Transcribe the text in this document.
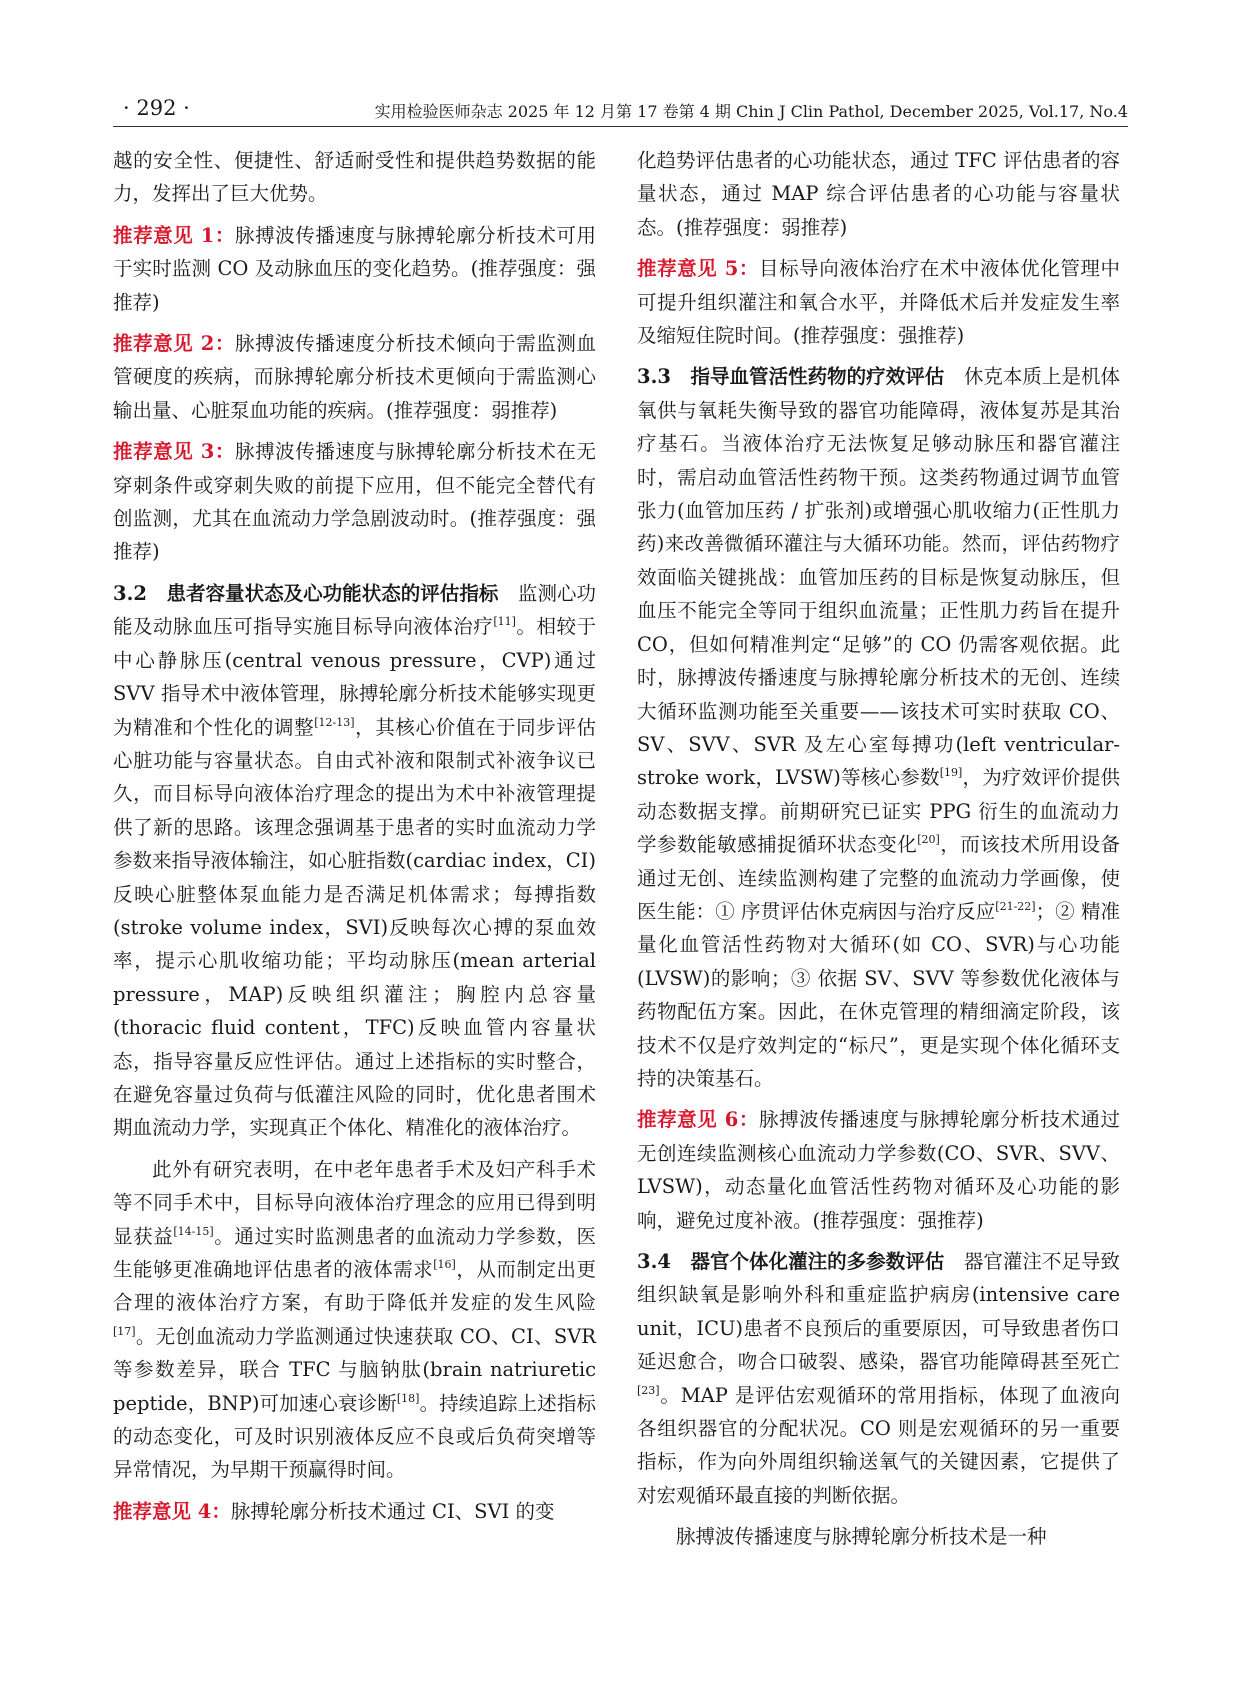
· 292 ·	实用检验医师杂志 2025 年 12 月第 17 卷第 4 期 Chin J Clin Pathol, December 2025, Vol.17, No.4

越的安全性、便捷性、舒适耐受性和提供趋势数据的能力，发挥出了巨大优势。

推荐意见 1：脉搏波传播速度与脉搏轮廓分析技术可用于实时监测 CO 及动脉血压的变化趋势。(推荐强度：强推荐)

推荐意见 2：脉搏波传播速度分析技术倾向于需监测血管硬度的疾病，而脉搏轮廓分析技术更倾向于需监测心输出量、心脏泵血功能的疾病。(推荐强度：弱推荐)

推荐意见 3：脉搏波传播速度与脉搏轮廓分析技术在无穿刺条件或穿刺失败的前提下应用，但不能完全替代有创监测，尤其在血流动力学急剧波动时。(推荐强度：强推荐)

3.2　患者容量状态及心功能状态的评估指标　监测心功能及动脉血压可指导实施目标导向液体治疗[11]。相较于中心静脉压(central venous pressure，CVP)通过 SVV 指导术中液体管理，脉搏轮廓分析技术能够实现更为精准和个性化的调整[12-13]，其核心价值在于同步评估心脏功能与容量状态。自由式补液和限制式补液争议已久，而目标导向液体治疗理念的提出为术中补液管理提供了新的思路。该理念强调基于患者的实时血流动力学参数来指导液体输注，如心脏指数(cardiac index，CI)反映心脏整体泵血能力是否满足机体需求；每搏指数(stroke volume index，SVI)反映每次心搏的泵血效率，提示心肌收缩功能；平均动脉压(mean arterial pressure，MAP)反映组织灌注；胸腔内总容量(thoracic fluid content，TFC)反映血管内容量状态，指导容量反应性评估。通过上述指标的实时整合，在避免容量过负荷与低灌注风险的同时，优化患者围术期血流动力学，实现真正个体化、精准化的液体治疗。

此外有研究表明，在中老年患者手术及妇产科手术等不同手术中，目标导向液体治疗理念的应用已得到明显获益[14-15]。通过实时监测患者的血流动力学参数，医生能够更准确地评估患者的液体需求[16]，从而制定出更合理的液体治疗方案，有助于降低并发症的发生风险[17]。无创血流动力学监测通过快速获取 CO、CI、SVR 等参数差异，联合 TFC 与脑钠肽(brain natriuretic peptide，BNP)可加速心衰诊断[18]。持续追踪上述指标的动态变化，可及时识别液体反应不良或后负荷突增等异常情况，为早期干预赢得时间。

推荐意见 4：脉搏轮廓分析技术通过 CI、SVI 的变

化趋势评估患者的心功能状态，通过 TFC 评估患者的容量状态，通过 MAP 综合评估患者的心功能与容量状态。(推荐强度：弱推荐)

推荐意见 5：目标导向液体治疗在术中液体优化管理中可提升组织灌注和氧合水平，并降低术后并发症发生率及缩短住院时间。(推荐强度：强推荐)

3.3　指导血管活性药物的疗效评估　休克本质上是机体氧供与氧耗失衡导致的器官功能障碍，液体复苏是其治疗基石。当液体治疗无法恢复足够动脉压和器官灌注时，需启动血管活性药物干预。这类药物通过调节血管张力(血管加压药 / 扩张剂)或增强心肌收缩力(正性肌力药)来改善微循环灌注与大循环功能。然而，评估药物疗效面临关键挑战：血管加压药的目标是恢复动脉压，但血压不能完全等同于组织血流量；正性肌力药旨在提升 CO，但如何精准判定“足够”的 CO 仍需客观依据。此时，脉搏波传播速度与脉搏轮廓分析技术的无创、连续大循环监测功能至关重要——该技术可实时获取 CO、SV、SVV、SVR 及左心室每搏功(left ventricular-stroke work，LVSW)等核心参数[19]，为疗效评价提供动态数据支撑。前期研究已证实 PPG 衍生的血流动力学参数能敏感捕捉循环状态变化[20]，而该技术所用设备通过无创、连续监测构建了完整的血流动力学画像，使医生能：① 序贯评估休克病因与治疗反应[21-22]；② 精准量化血管活性药物对大循环(如 CO、SVR)与心功能(LVSW)的影响；③ 依据 SV、SVV 等参数优化液体与药物配伍方案。因此，在休克管理的精细滴定阶段，该技术不仅是疗效判定的“标尺”，更是实现个体化循环支持的决策基石。

推荐意见 6：脉搏波传播速度与脉搏轮廓分析技术通过无创连续监测核心血流动力学参数(CO、SVR、SVV、LVSW)，动态量化血管活性药物对循环及心功能的影响，避免过度补液。(推荐强度：强推荐)

3.4　器官个体化灌注的多参数评估　器官灌注不足导致组织缺氧是影响外科和重症监护病房(intensive care unit，ICU)患者不良预后的重要原因，可导致患者伤口延迟愈合，吻合口破裂、感染，器官功能障碍甚至死亡[23]。MAP 是评估宏观循环的常用指标，体现了血液向各组织器官的分配状况。CO 则是宏观循环的另一重要指标，作为向外周组织输送氧气的关键因素，它提供了对宏观循环最直接的判断依据。

脉搏波传播速度与脉搏轮廓分析技术是一种
